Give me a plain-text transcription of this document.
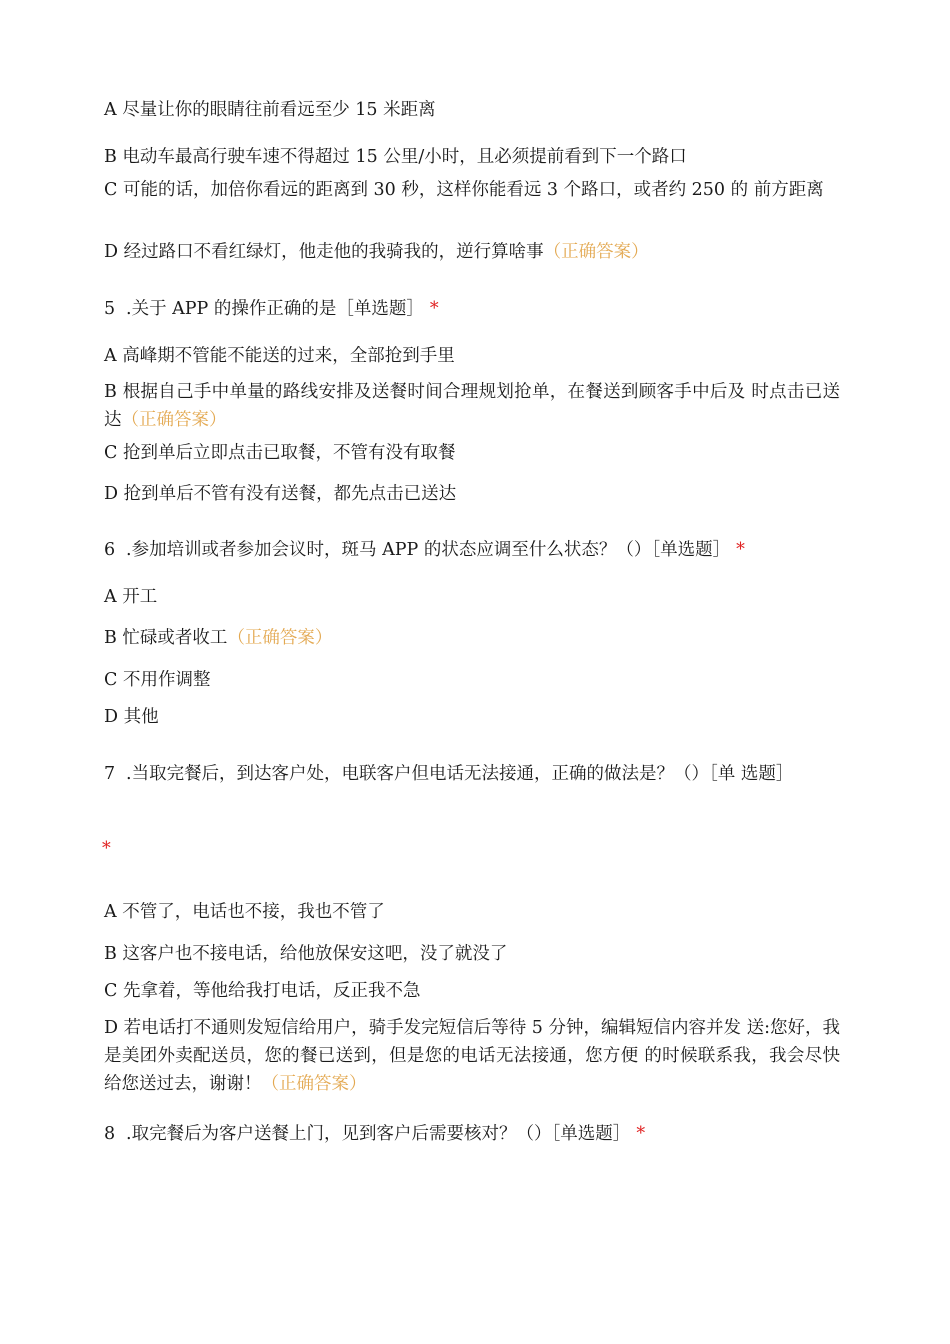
A 尽量让你的眼睛往前看远至少 15 米距离
B 电动车最高行驶车速不得超过 15 公里/小时，且必须提前看到下一个路口
C 可能的话，加倍你看远的距离到 30 秒，这样你能看远 3 个路口，或者约 250 的 前方距离
D 经过路口不看红绿灯，他走他的我骑我的，逆行算啥事（正确答案）
5 .关于 APP 的操作正确的是［单选题］ *
A 高峰期不管能不能送的过来，全部抢到手里
B 根据自己手中单量的路线安排及送餐时间合理规划抢单，在餐送到顾客手中后及 时点击已送达（正确答案）
C 抢到单后立即点击已取餐，不管有没有取餐
D 抢到单后不管有没有送餐，都先点击已送达
6 .参加培训或者参加会议时，斑马 APP 的状态应调至什么状态？（）［单选题］ *
A 开工
B 忙碌或者收工（正确答案）
C 不用作调整
D 其他
7 .当取完餐后，到达客户处，电联客户但电话无法接通，正确的做法是？（）［单 选题］
*
A 不管了，电话也不接，我也不管了
B 这客户也不接电话，给他放保安这吧，没了就没了
C 先拿着，等他给我打电话，反正我不急
D 若电话打不通则发短信给用户，骑手发完短信后等待 5 分钟，编辑短信内容并发 送:您好，我是美团外卖配送员，您的餐已送到，但是您的电话无法接通，您方便 的时候联系我，我会尽快给您送过去，谢谢！（正确答案）
8 .取完餐后为客户送餐上门，见到客户后需要核对？（）［单选题］ *
